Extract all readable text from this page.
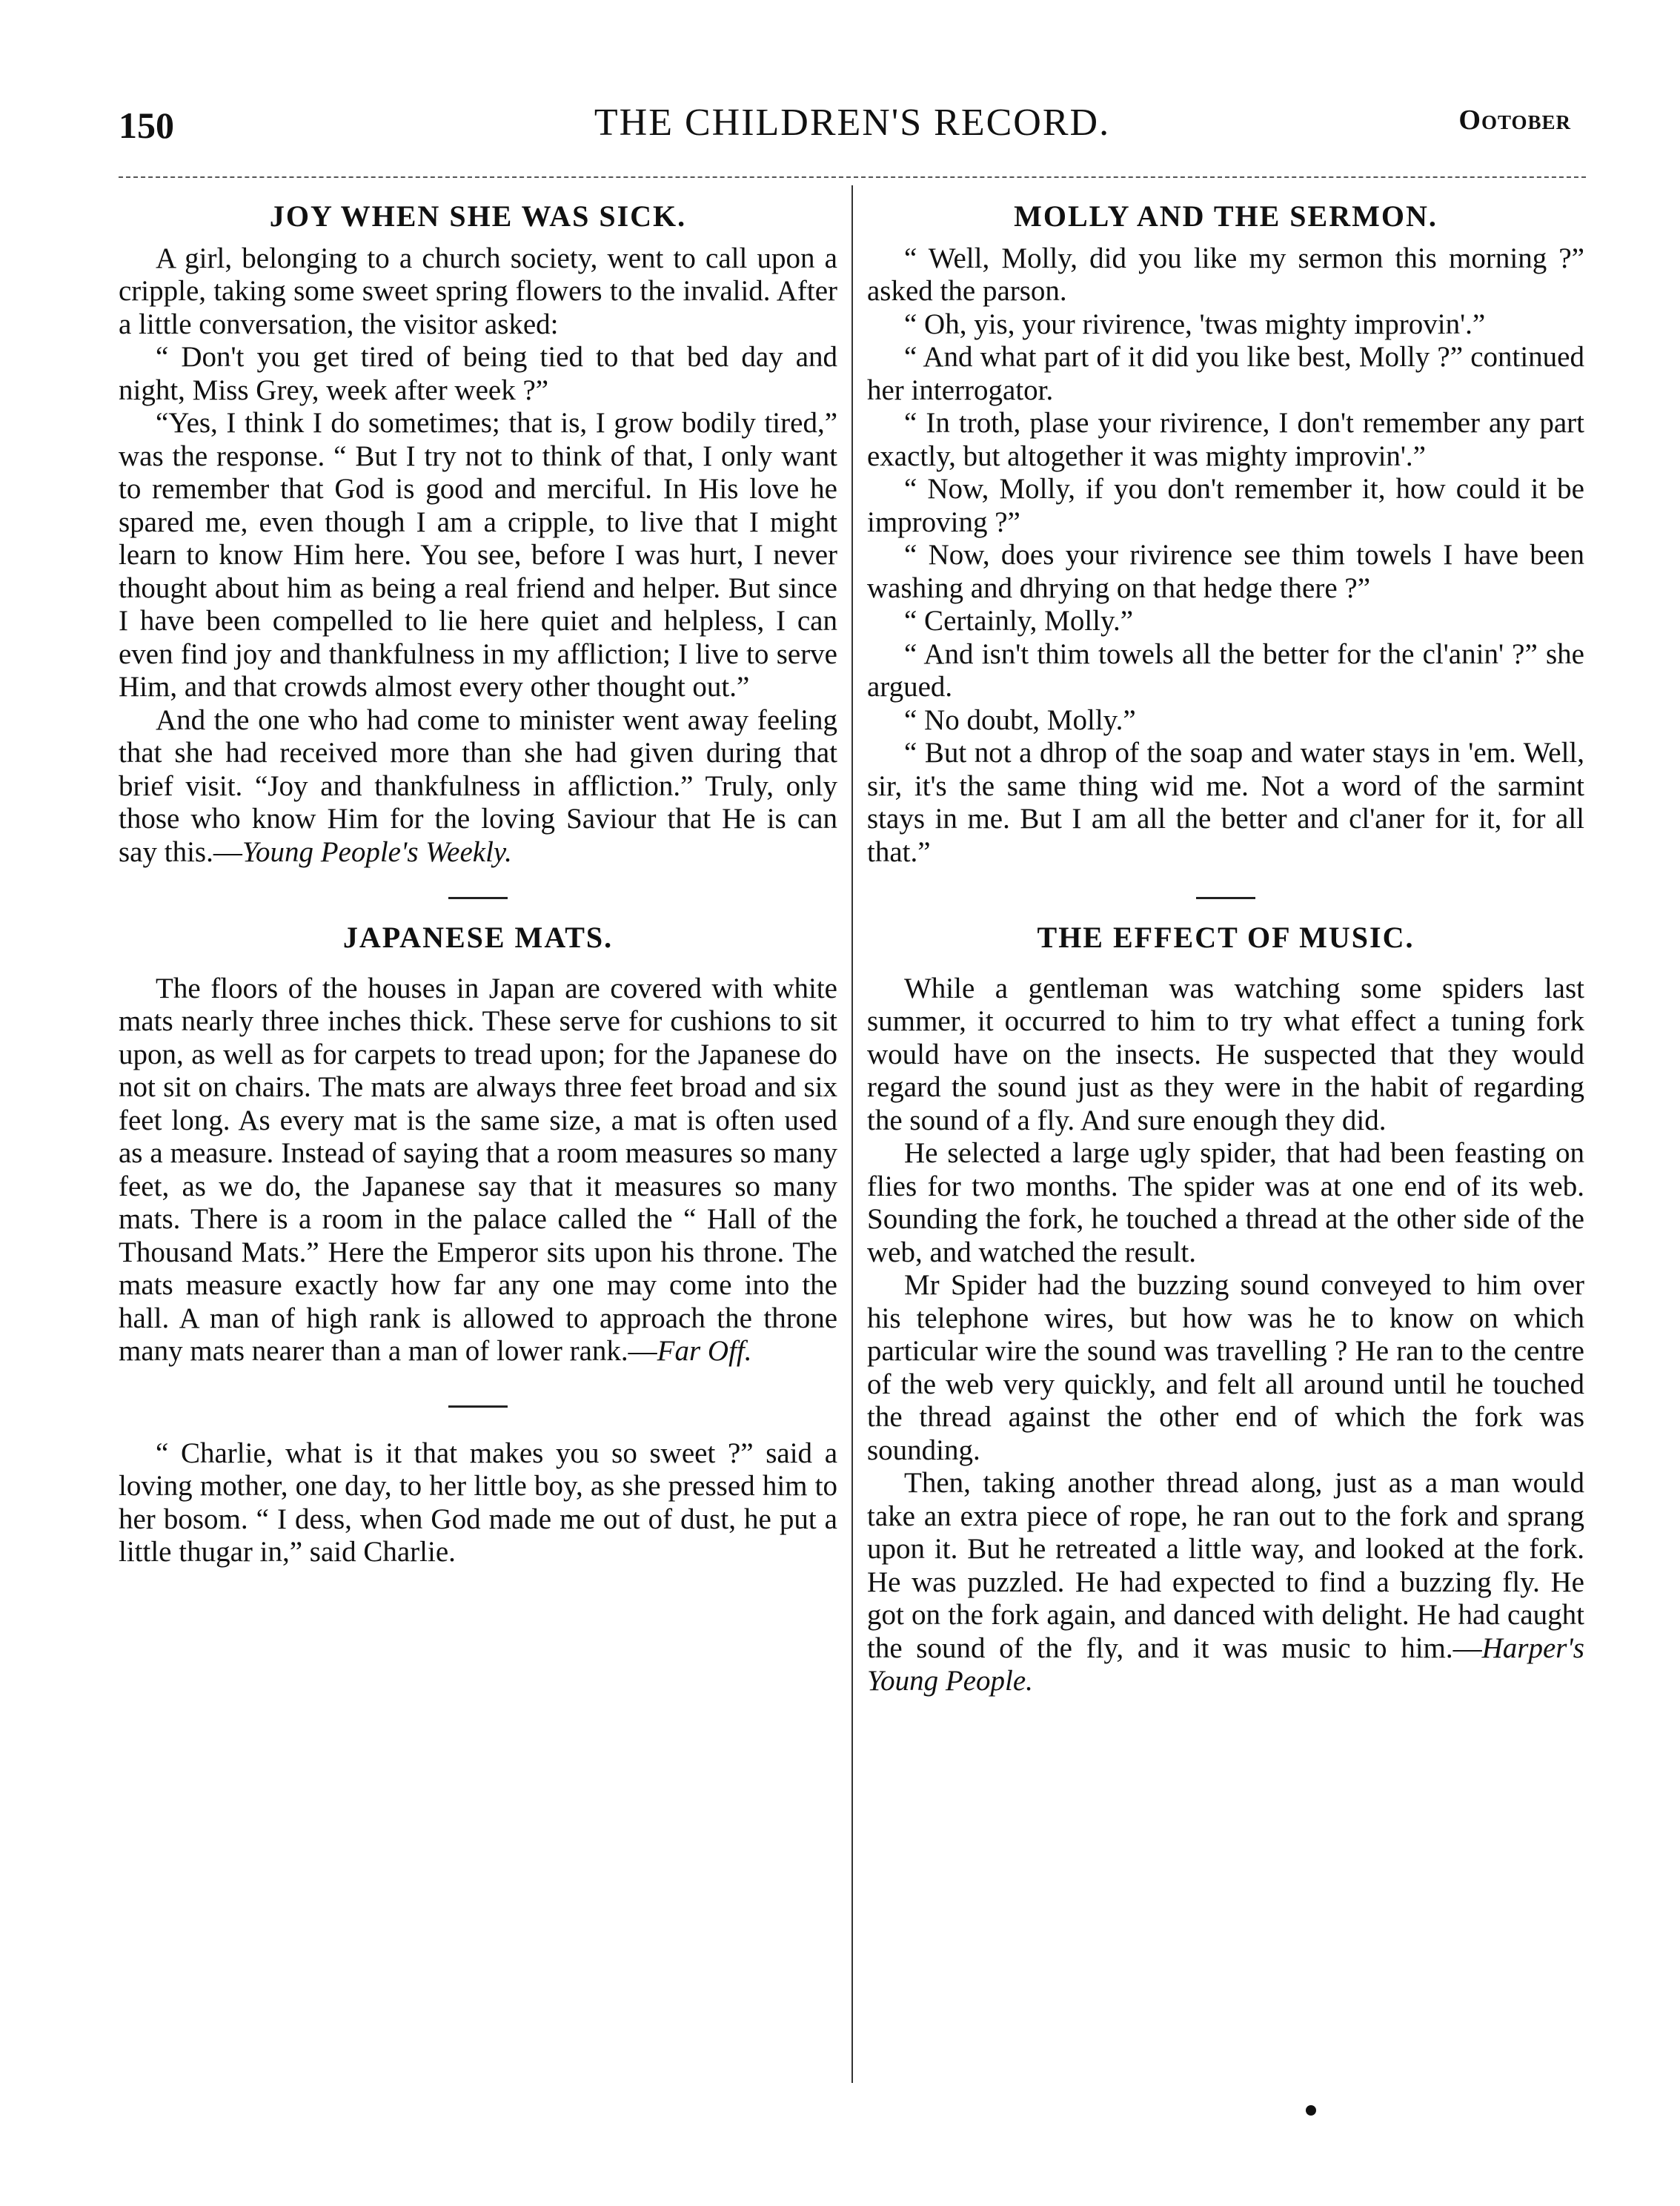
150	THE CHILDREN'S RECORD.	Ootober
JOY WHEN SHE WAS SICK.

A girl, belonging to a church society, went to call upon a cripple, taking some sweet spring flowers to the invalid. After a little conversation, the visitor asked:

“ Don't you get tired of being tied to that bed day and night, Miss Grey, week after week ?”

“Yes, I think I do sometimes; that is, I grow bodily tired,” was the response. “ But I try not to think of that, I only want to remember that God is good and merciful. In His love he spared me, even though I am a cripple, to live that I might learn to know Him here. You see, before I was hurt, I never thought about him as being a real friend and helper. But since I have been compelled to lie here quiet and helpless, I can even find joy and thankfulness in my affliction; I live to serve Him, and that crowds almost every other thought out.”

And the one who had come to minister went away feeling that she had received more than she had given during that brief visit. “Joy and thankfulness in affliction.” Truly, only those who know Him for the loving Saviour that He is can say this.—Young People's Weekly.

JAPANESE MATS.

The floors of the houses in Japan are covered with white mats nearly three inches thick. These serve for cushions to sit upon, as well as for carpets to tread upon; for the Japanese do not sit on chairs. The mats are always three feet broad and six feet long. As every mat is the same size, a mat is often used as a measure. Instead of saying that a room measures so many feet, as we do, the Japanese say that it measures so many mats. There is a room in the palace called the “ Hall of the Thousand Mats.” Here the Emperor sits upon his throne. The mats measure exactly how far any one may come into the hall. A man of high rank is allowed to approach the throne many mats nearer than a man of lower rank.—Far Off.

“ Charlie, what is it that makes you so sweet ?” said a loving mother, one day, to her little boy, as she pressed him to her bosom. “ I dess, when God made me out of dust, he put a little thugar in,” said Charlie.

MOLLY AND THE SERMON.

“ Well, Molly, did you like my sermon this morning ?” asked the parson.

“ Oh, yis, your rivirence, 'twas mighty improvin'.”

“ And what part of it did you like best, Molly ?” continued her interrogator.

“ In troth, plase your rivirence, I don't remember any part exactly, but altogether it was mighty improvin'.”

“ Now, Molly, if you don't remember it, how could it be improving ?”

“ Now, does your rivirence see thim towels I have been washing and dhrying on that hedge there ?”

“ Certainly, Molly.”

“ And isn't thim towels all the better for the cl'anin' ?” she argued.

“ No doubt, Molly.”

“ But not a dhrop of the soap and water stays in 'em. Well, sir, it's the same thing wid me. Not a word of the sarmint stays in me. But I am all the better and cl'aner for it, for all that.”

THE EFFECT OF MUSIC.

While a gentleman was watching some spiders last summer, it occurred to him to try what effect a tuning fork would have on the insects. He suspected that they would regard the sound just as they were in the habit of regarding the sound of a fly. And sure enough they did.

He selected a large ugly spider, that had been feasting on flies for two months. The spider was at one end of its web. Sounding the fork, he touched a thread at the other side of the web, and watched the result.

Mr Spider had the buzzing sound conveyed to him over his telephone wires, but how was he to know on which particular wire the sound was travelling ? He ran to the centre of the web very quickly, and felt all around until he touched the thread against the other end of which the fork was sounding.

Then, taking another thread along, just as a man would take an extra piece of rope, he ran out to the fork and sprang upon it. But he retreated a little way, and looked at the fork. He was puzzled. He had expected to find a buzzing fly. He got on the fork again, and danced with delight. He had caught the sound of the fly, and it was music to him.—Harper's Young People.
